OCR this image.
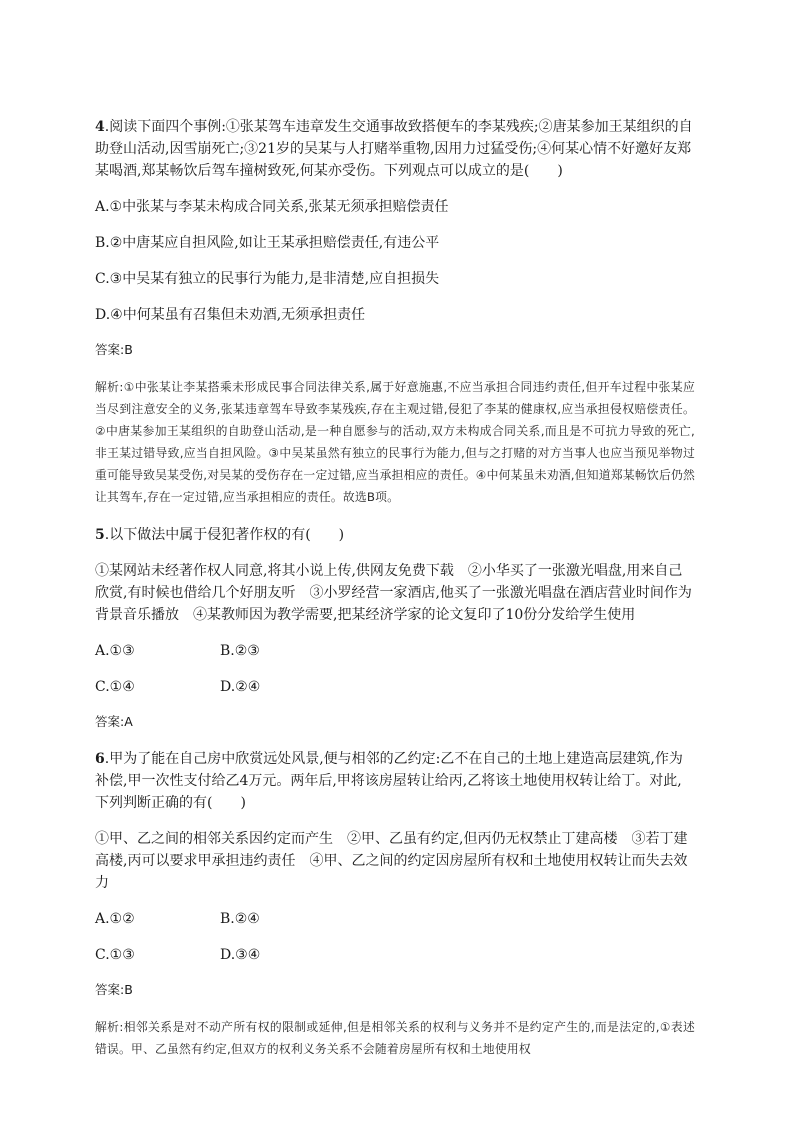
4.阅读下面四个事例:①张某驾车违章发生交通事故致搭便车的李某残疾;②唐某参加王某组织的自助登山活动,因雪崩死亡;③21岁的吴某与人打赌举重物,因用力过猛受伤;④何某心情不好邀好友郑某喝酒,郑某畅饮后驾车撞树致死,何某亦受伤。下列观点可以成立的是(　　)

A.①中张某与李某未构成合同关系,张某无须承担赔偿责任

B.②中唐某应自担风险,如让王某承担赔偿责任,有违公平

C.③中吴某有独立的民事行为能力,是非清楚,应自担损失

D.④中何某虽有召集但未劝酒,无须承担责任

答案:B

解析:①中张某让李某搭乘未形成民事合同法律关系,属于好意施惠,不应当承担合同违约责任,但开车过程中张某应当尽到注意安全的义务,张某违章驾车导致李某残疾,存在主观过错,侵犯了李某的健康权,应当承担侵权赔偿责任。②中唐某参加王某组织的自助登山活动,是一种自愿参与的活动,双方未构成合同关系,而且是不可抗力导致的死亡,非王某过错导致,应当自担风险。③中吴某虽然有独立的民事行为能力,但与之打赌的对方当事人也应当预见举物过重可能导致吴某受伤,对吴某的受伤存在一定过错,应当承担相应的责任。④中何某虽未劝酒,但知道郑某畅饮后仍然让其驾车,存在一定过错,应当承担相应的责任。故选B项。

5.以下做法中属于侵犯著作权的有(　　)

①某网站未经著作权人同意,将其小说上传,供网友免费下载　②小华买了一张激光唱盘,用来自己欣赏,有时候也借给几个好朋友听　③小罗经营一家酒店,他买了一张激光唱盘在酒店营业时间作为背景音乐播放　④某教师因为教学需要,把某经济学家的论文复印了10份分发给学生使用

A.①③	B.②③
C.①④	D.②④

答案:A

6.甲为了能在自己房中欣赏远处风景,便与相邻的乙约定:乙不在自己的土地上建造高层建筑,作为补偿,甲一次性支付给乙4万元。两年后,甲将该房屋转让给丙,乙将该土地使用权转让给丁。对此,下列判断正确的有(　　)

①甲、乙之间的相邻关系因约定而产生　②甲、乙虽有约定,但丙仍无权禁止丁建高楼　③若丁建高楼,丙可以要求甲承担违约责任　④甲、乙之间的约定因房屋所有权和土地使用权转让而失去效力

A.①②	B.②④
C.①③	D.③④

答案:B

解析:相邻关系是对不动产所有权的限制或延伸,但是相邻关系的权利与义务并不是约定产生的,而是法定的,①表述错误。甲、乙虽然有约定,但双方的权利义务关系不会随着房屋所有权和土地使用权
